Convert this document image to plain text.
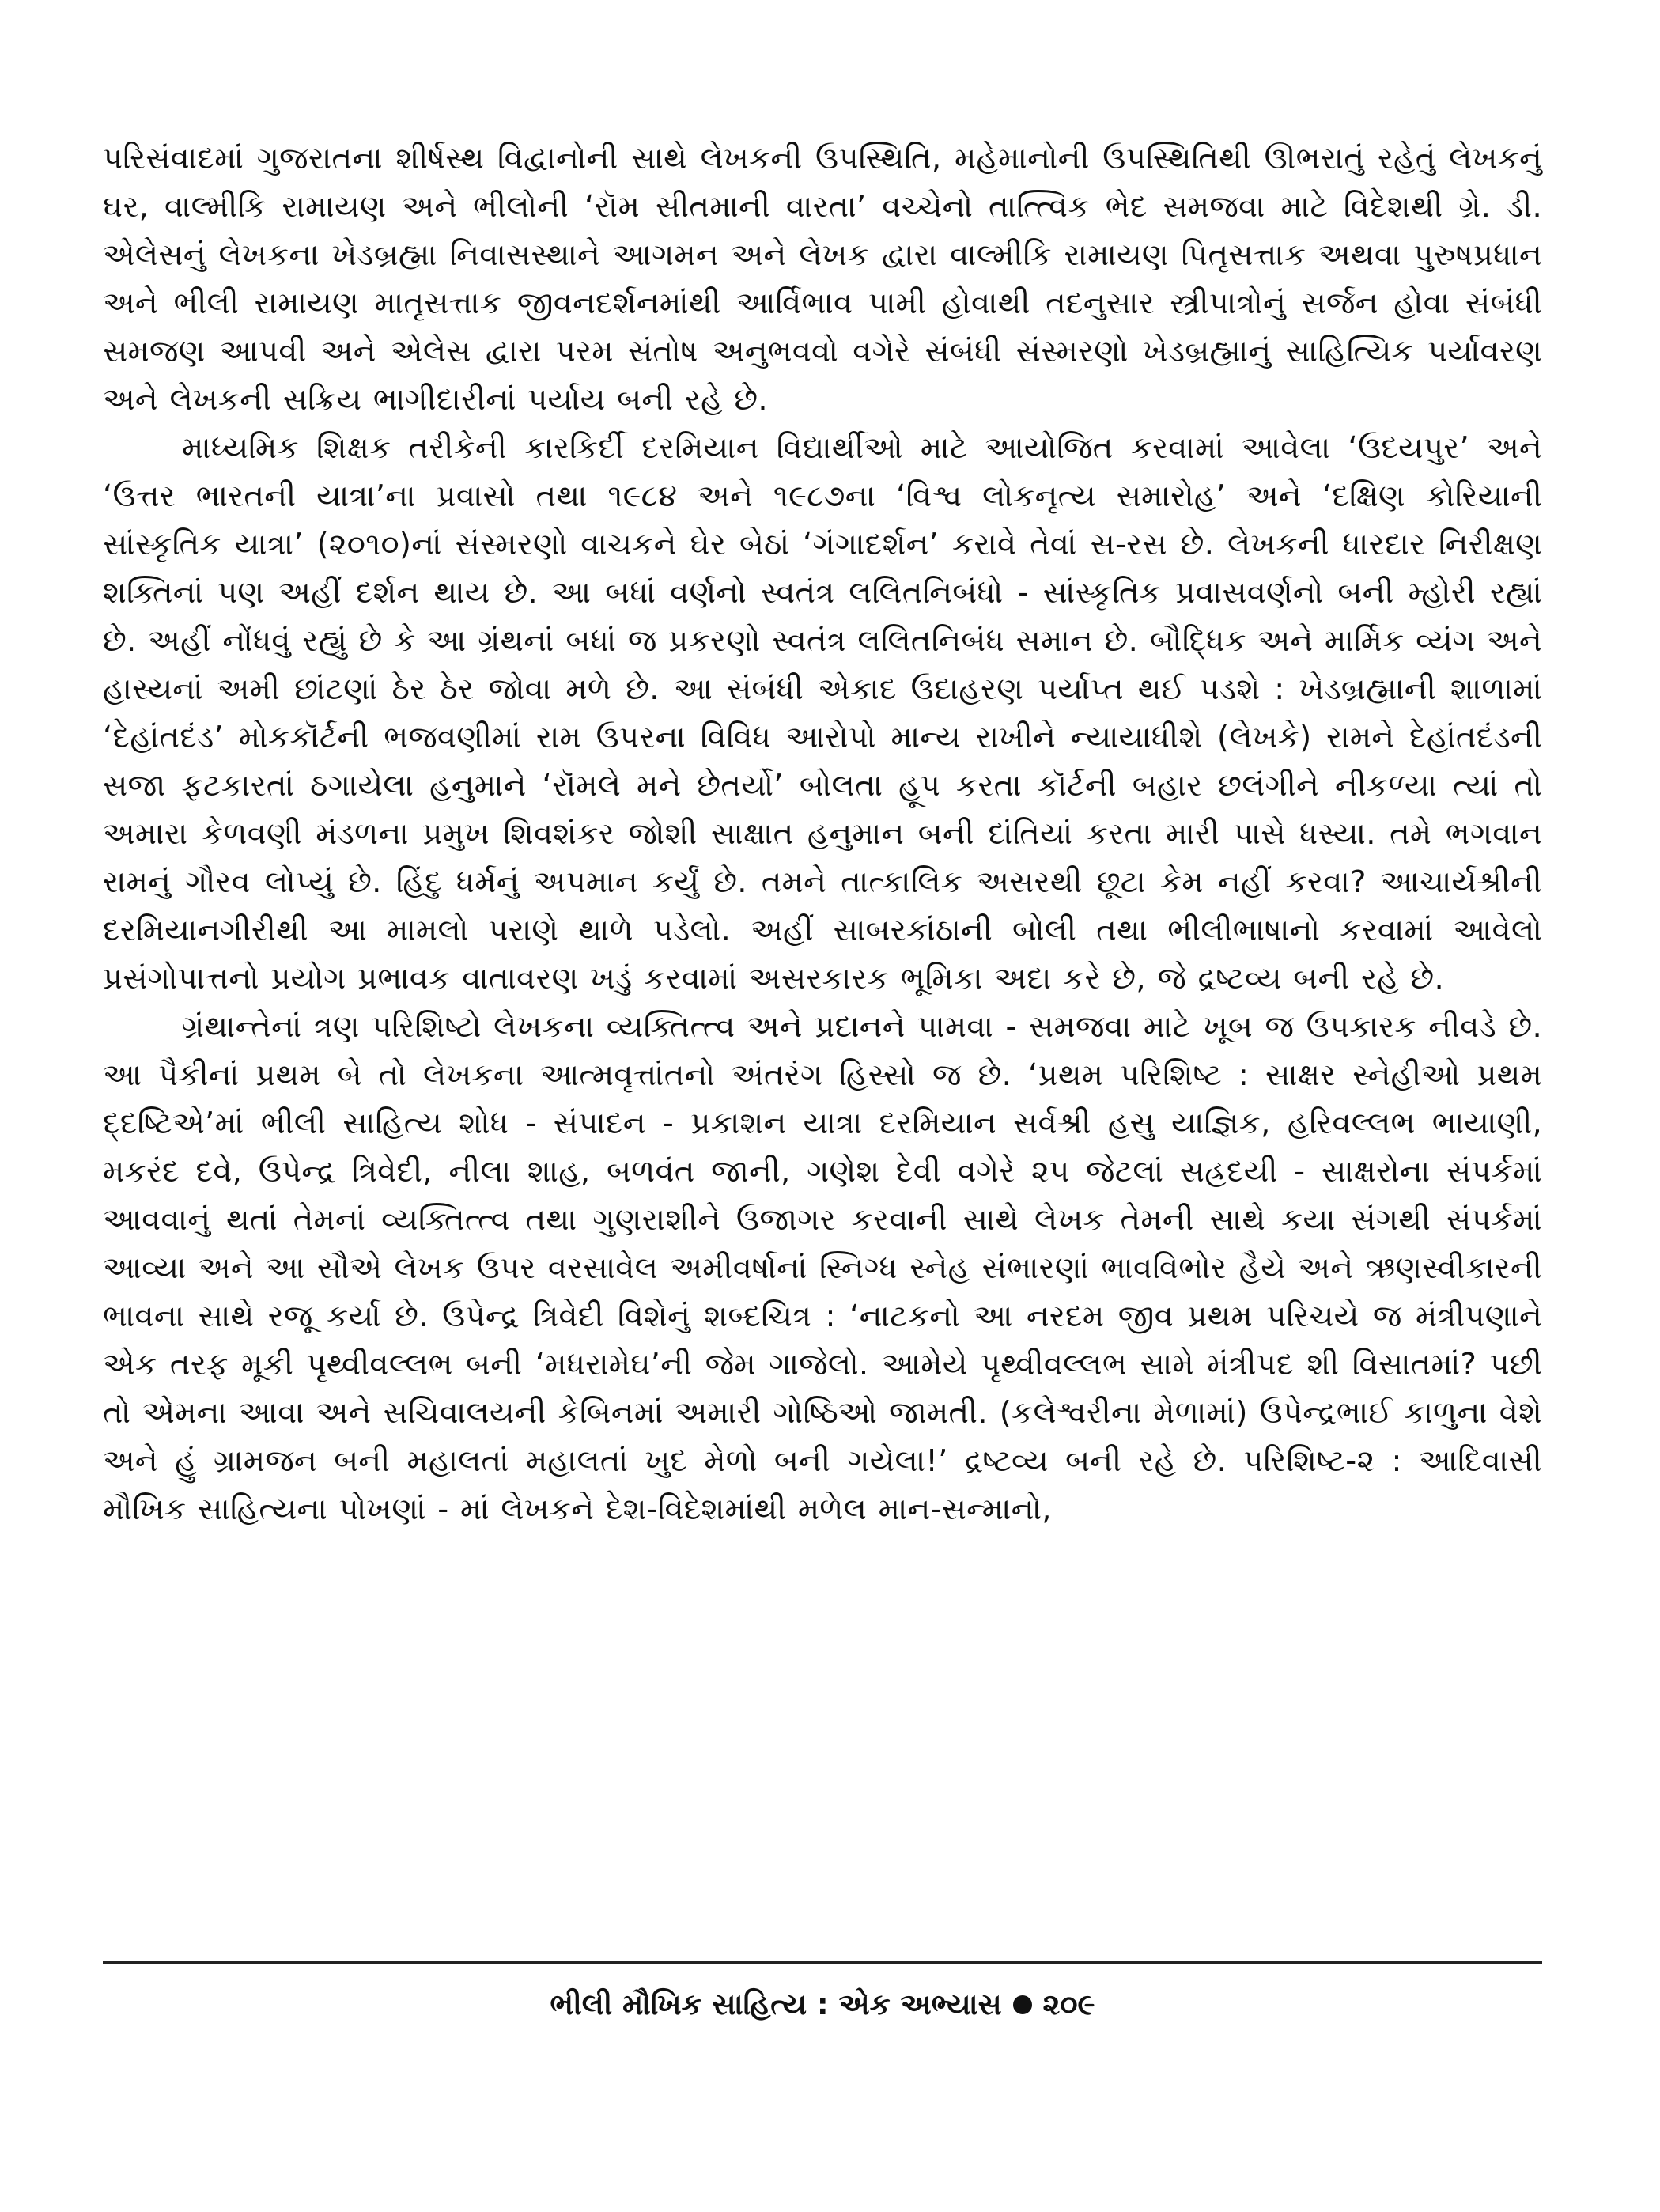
પરિસંવાદમાં ગુજરાતના શીર્ષસ્થ વિદ્વાનોની સાથે લેખકની ઉપસ્થિતિ, મહેમાનોની ઉપસ્થિતિથી ઊભરાતું રહેતું લેખકનું ઘર, વાલ્મીકિ રામાયણ અને ભીલોની ‘રૉમ સીતમાની વારતા’ વચ્ચેનો તાત્ત્વિક ભેદ સમજવા માટે વિદેશથી ગ્રે. ડી. એલેસનું લેખકના ખેડબ્રહ્મા નિવાસસ્થાને આગમન અને લેખક દ્વારા વાલ્મીકિ રામાયણ પિતૃસત્તાક અથવા પુરુષપ્રધાન અને ભીલી રામાયણ માતૃસત્તાક જીવનદર્શનમાંથી આર્વિભાવ પામી હોવાથી તદનુસાર સ્ત્રીપાત્રોનું સર્જન હોવા સંબંધી સમજણ આપવી અને એલેસ દ્વારા પરમ સંતોષ અનુભવવો વગેરે સંબંધી સંસ્મરણો ખેડબ્રહ્માનું સાહિત્યિક પર્યાવરણ અને લેખકની સક્રિય ભાગીદારીનાં પર્યાય બની રહે છે.

માધ્યમિક શિક્ષક તરીકેની કારકિર્દી દરમિયાન વિદ્યાર્થીઓ માટે આયોજિત કરવામાં આવેલા ‘ઉદયપુર’ અને ‘ઉત્તર ભારતની યાત્રા’ના પ્રવાસો તથા ૧૯૮૪ અને ૧૯૮૭ના ‘વિશ્વ લોકનૃત્ય સમારોહ’ અને ‘દક્ષિણ કોરિયાની સાંસ્કૃતિક યાત્રા’ (૨૦૧૦)નાં સંસ્મરણો વાચકને ઘેર બેઠાં ‘ગંગાદર્શન’ કરાવે તેવાં સ-રસ છે. લેખકની ધારદાર નિરીક્ષણ શક્તિનાં પણ અહીં દર્શન થાય છે. આ બધાં વર્ણનો સ્વતંત્ર લલિતનિબંધો - સાંસ્કૃતિક પ્રવાસવર્ણનો બની મ્હોરી રહ્યાં છે. અહીં નોંધવું રહ્યું છે કે આ ગ્રંથનાં બધાં જ પ્રકરણો સ્વતંત્ર લલિતનિબંધ સમાન છે. બૌદ્ધિક અને માર્મિક વ્યંગ અને હાસ્યનાં અમી છાંટણાં ઠેર ઠેર જોવા મળે છે. આ સંબંધી એકાદ ઉદાહરણ પર્યાપ્ત થઈ પડશે : ખેડબ્રહ્માની શાળામાં ‘દેહાંતદંડ’ મોકકૉર્ટની ભજવણીમાં રામ ઉપરના વિવિધ આરોપો માન્ય રાખીને ન્યાયાધીશે (લેખકે) રામને દેહાંતદંડની સજા ફટકારતાં ઠગાયેલા હનુમાને ‘રૉમલે મને છેતર્યો’ બોલતા હૂપ કરતા કૉર્ટની બહાર છલંગીને નીકળ્યા ત્યાં તો અમારા કેળવણી મંડળના પ્રમુખ શિવશંકર જોશી સાક્ષાત હનુમાન બની દાંતિયાં કરતા મારી પાસે ધસ્યા. તમે ભગવાન રામનું ગૌરવ લોપ્યું છે. હિંદુ ધર્મનું અપમાન કર્યું છે. તમને તાત્કાલિક અસરથી છૂટા કેમ નહીં કરવા? આચાર્યશ્રીની દરમિયાનગીરીથી આ મામલો પરાણે થાળે પડેલો. અહીં સાબરકાંઠાની બોલી તથા ભીલીભાષાનો કરવામાં આવેલો પ્રસંગોપાત્તનો પ્રયોગ પ્રભાવક વાતાવરણ ખડું કરવામાં અસરકારક ભૂમિકા અદા કરે છે, જે દ્રષ્ટવ્ય બની રહે છે.

ગ્રંથાન્તેનાં ત્રણ પરિશિષ્ટો લેખકના વ્યક્તિત્ત્વ અને પ્રદાનને પામવા - સમજવા માટે ખૂબ જ ઉપકારક નીવડે છે. આ પૈકીનાં પ્રથમ બે તો લેખકના આત્મવૃત્તાંતનો અંતરંગ હિસ્સો જ છે. ‘પ્રથમ પરિશિષ્ટ : સાક્ષર સ્નેહીઓ પ્રથમ દ્દષ્ટિએ’માં ભીલી સાહિત્ય શોધ - સંપાદન - પ્રકાશન યાત્રા દરમિયાન સર્વશ્રી હસુ યાજ્ઞિક, હરિવલ્લભ ભાયાણી, મકરંદ દવે, ઉપેન્દ્ર ત્રિવેદી, નીલા શાહ, બળવંત જાની, ગણેશ દેવી વગેરે ૨૫ જેટલાં સહ્રદયી - સાક્ષરોના સંપર્કમાં આવવાનું થતાં તેમનાં વ્યક્તિત્ત્વ તથા ગુણરાશીને ઉજાગર કરવાની સાથે લેખક તેમની સાથે કયા સંગથી સંપર્કમાં આવ્યા અને આ સૌએ લેખક ઉપર વરસાવેલ અમીવર્ષાનાં સ્નિગ્ધ સ્નેહ સંભારણાં ભાવવિભોર હૈયે અને ઋણસ્વીકારની ભાવના સાથે રજૂ કર્યા છે. ઉપેન્દ્ર ત્રિવેદી વિશેનું શબ્દચિત્ર : ‘નાટકનો આ નરદમ જીવ પ્રથમ પરિચયે જ મંત્રીપણાને એક તરફ મૂકી પૃથ્વીવલ્લભ બની ‘મધરામેઘ’ની જેમ ગાજેલો. આમેયે પૃથ્વીવલ્લભ સામે મંત્રીપદ શી વિસાતમાં? પછી તો એમના આવા અને સચિવાલયની કેબિનમાં અમારી ગોષ્ઠિઓ જામતી. (કલેશ્વરીના મેળામાં) ઉપેન્દ્રભાઈ કાળુના વેશે અને હું ગ્રામજન બની મહાલતાં મહાલતાં ખુદ મેળો બની ગયેલા!’ દ્રષ્ટવ્ય બની રહે છે. પરિશિષ્ટ-૨ : આદિવાસી મૌખિક સાહિત્યના પોખણાં - માં લેખકને દેશ-વિદેશમાંથી મળેલ માન-સન્માનો,

ભીલી મૌખિક સાહિત્ય : એક અભ્યાસ ૨૦૯
